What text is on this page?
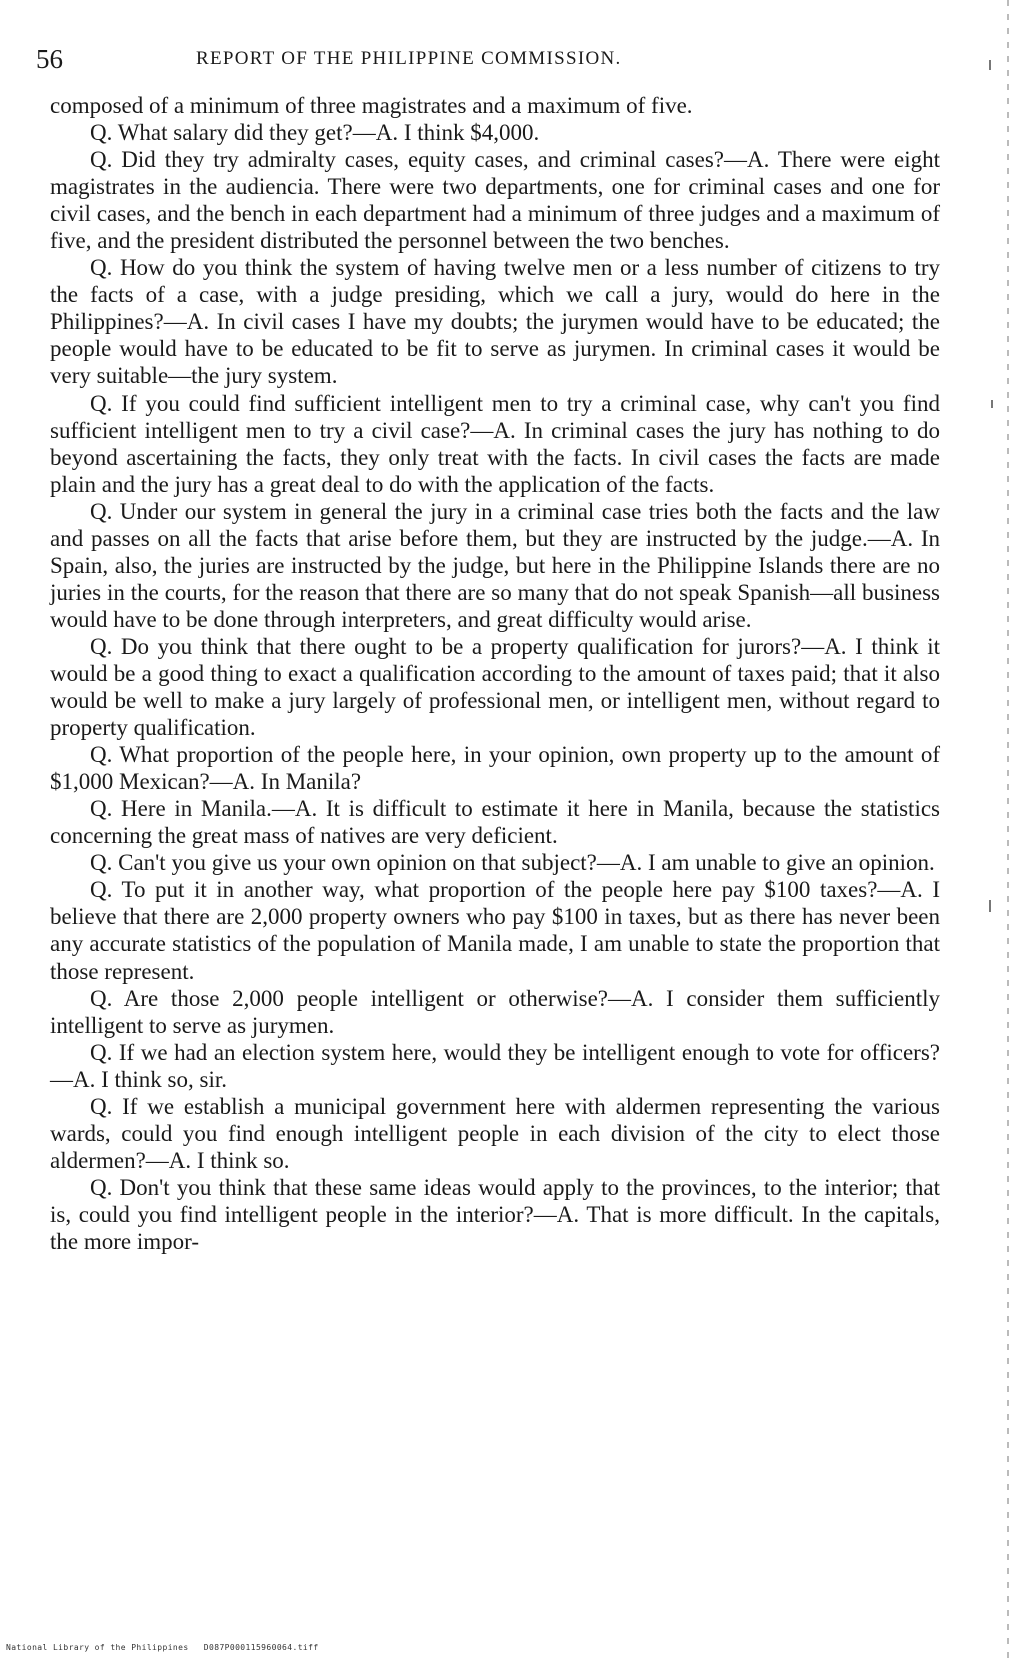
56	REPORT OF THE PHILIPPINE COMMISSION.

composed of a minimum of three magistrates and a maximum of five.

Q. What salary did they get?—A. I think $4,000.

Q. Did they try admiralty cases, equity cases, and criminal cases?—A. There were eight magistrates in the audiencia. There were two departments, one for criminal cases and one for civil cases, and the bench in each department had a minimum of three judges and a maximum of five, and the president distributed the personnel between the two benches.

Q. How do you think the system of having twelve men or a less number of citizens to try the facts of a case, with a judge presiding, which we call a jury, would do here in the Philippines?—A. In civil cases I have my doubts; the jurymen would have to be educated; the people would have to be educated to be fit to serve as jurymen. In criminal cases it would be very suitable—the jury system.

Q. If you could find sufficient intelligent men to try a criminal case, why can't you find sufficient intelligent men to try a civil case?—A. In criminal cases the jury has nothing to do beyond ascertaining the facts, they only treat with the facts. In civil cases the facts are made plain and the jury has a great deal to do with the application of the facts.

Q. Under our system in general the jury in a criminal case tries both the facts and the law and passes on all the facts that arise before them, but they are instructed by the judge.—A. In Spain, also, the juries are instructed by the judge, but here in the Philippine Islands there are no juries in the courts, for the reason that there are so many that do not speak Spanish—all business would have to be done through interpreters, and great difficulty would arise.

Q. Do you think that there ought to be a property qualification for jurors?—A. I think it would be a good thing to exact a qualification according to the amount of taxes paid; that it also would be well to make a jury largely of professional men, or intelligent men, without regard to property qualification.

Q. What proportion of the people here, in your opinion, own property up to the amount of $1,000 Mexican?—A. In Manila?

Q. Here in Manila.—A. It is difficult to estimate it here in Manila, because the statistics concerning the great mass of natives are very deficient.

Q. Can't you give us your own opinion on that subject?—A. I am unable to give an opinion.

Q. To put it in another way, what proportion of the people here pay $100 taxes?—A. I believe that there are 2,000 property owners who pay $100 in taxes, but as there has never been any accurate statistics of the population of Manila made, I am unable to state the proportion that those represent.

Q. Are those 2,000 people intelligent or otherwise?—A. I consider them sufficiently intelligent to serve as jurymen.

Q. If we had an election system here, would they be intelligent enough to vote for officers?—A. I think so, sir.

Q. If we establish a municipal government here with aldermen representing the various wards, could you find enough intelligent people in each division of the city to elect those aldermen?—A. I think so.

Q. Don't you think that these same ideas would apply to the provinces, to the interior; that is, could you find intelligent people in the interior?—A. That is more difficult. In the capitals, the more impor-

National Library of the Philippines D087P000115960064.tiff
